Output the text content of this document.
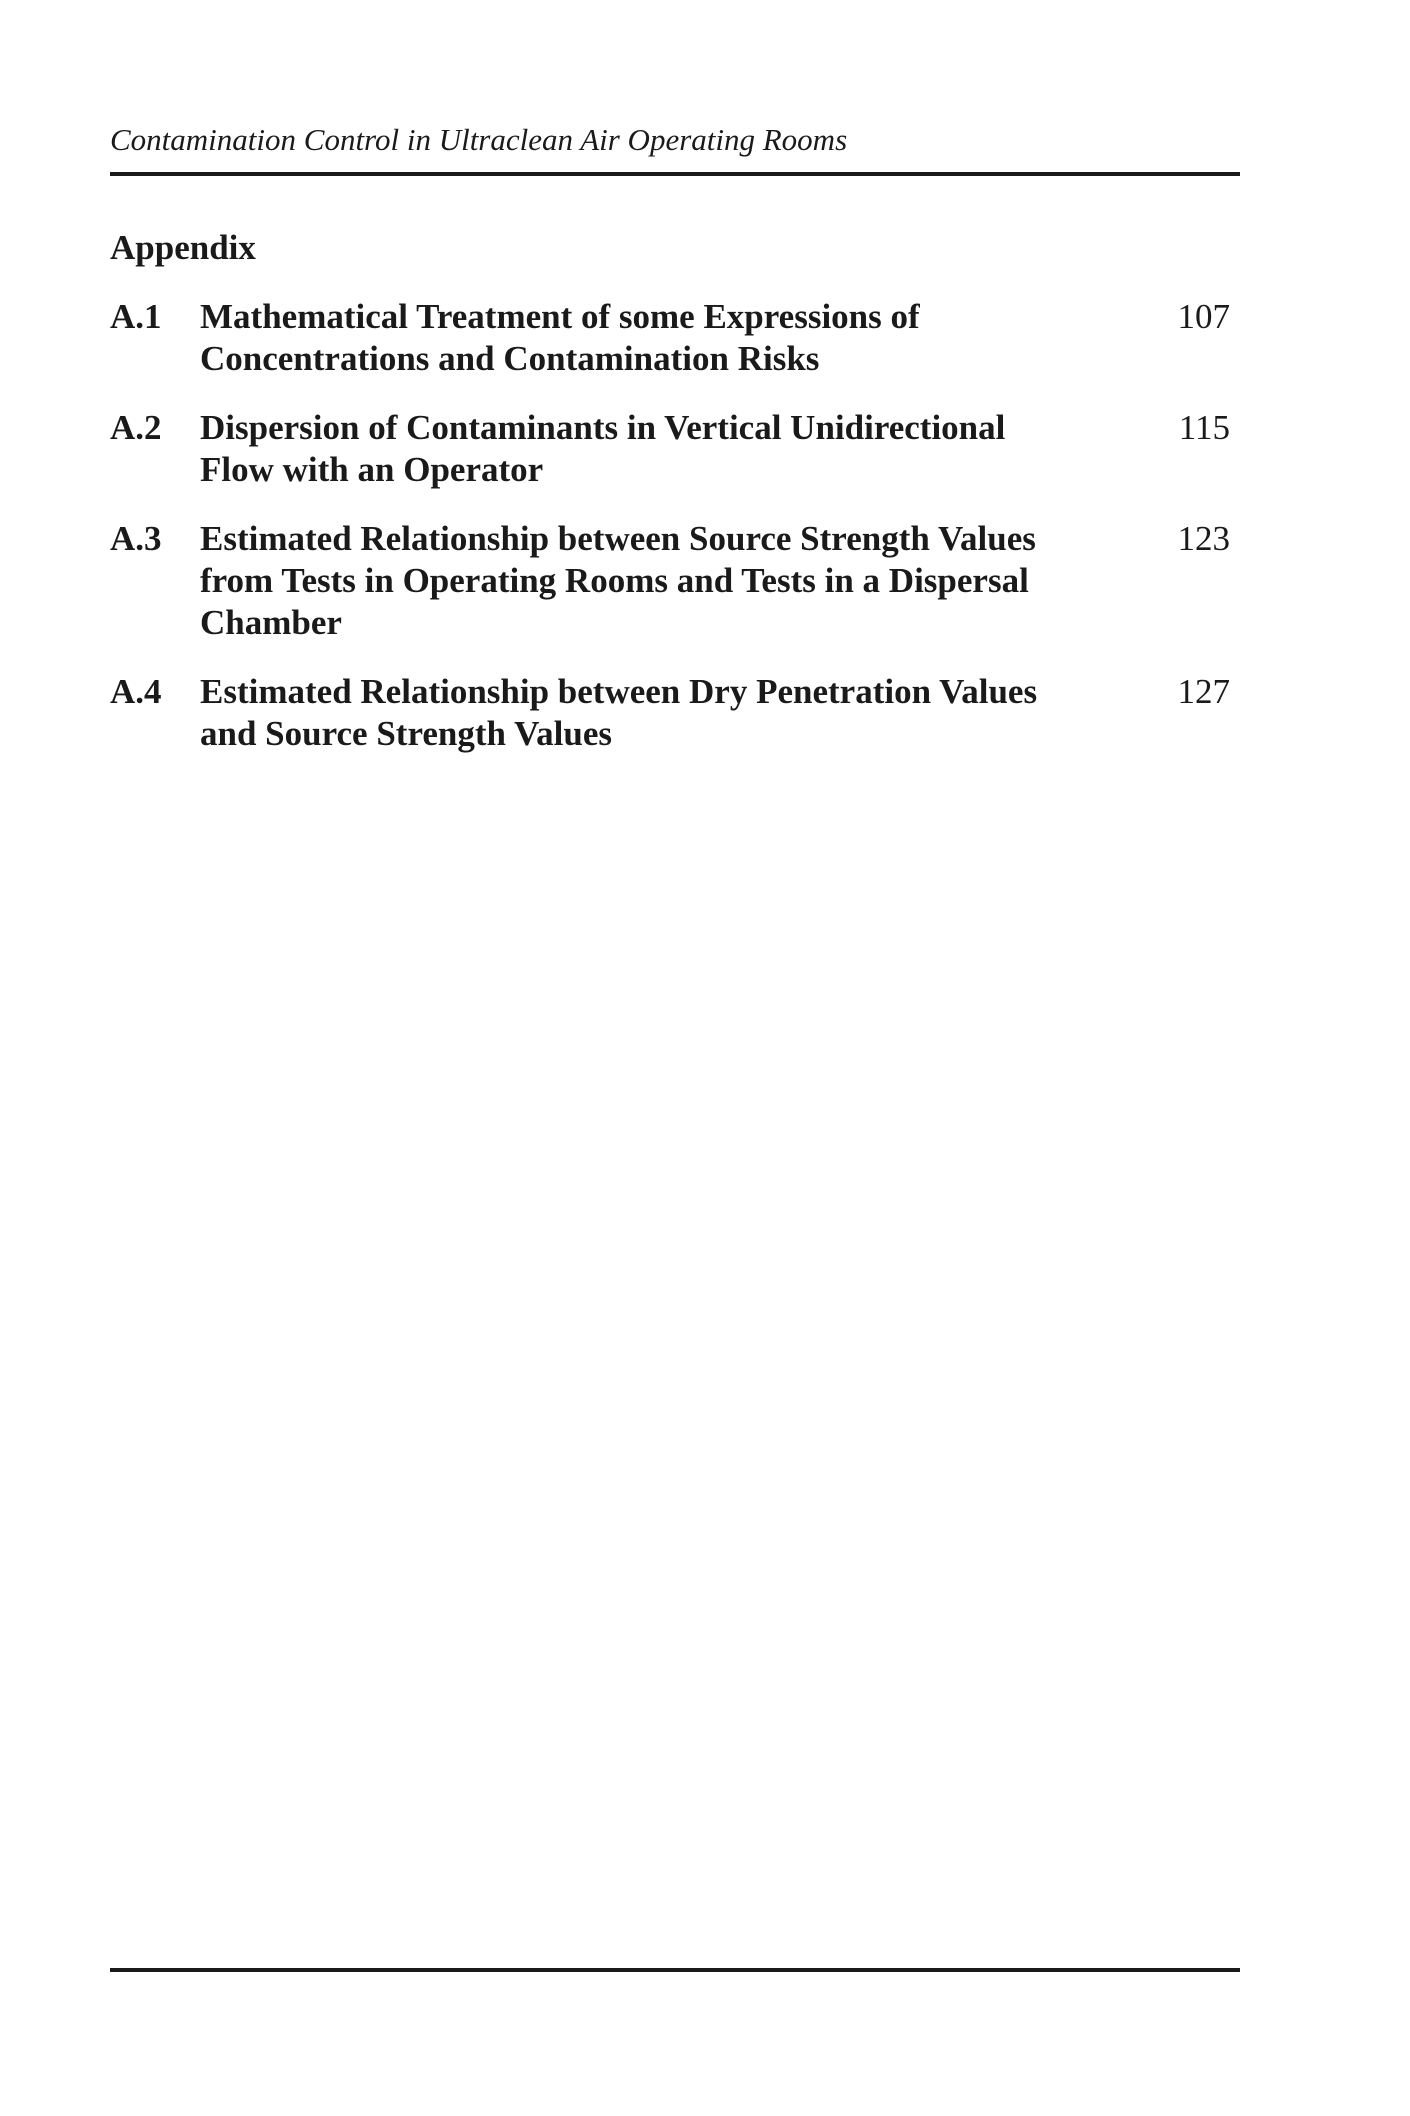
Contamination Control in Ultraclean Air Operating Rooms
Appendix
A.1	Mathematical Treatment of some Expressions of
Concentrations and Contamination Risks
107
A.2	Dispersion of Contaminants in Vertical Unidirectional
Flow with an Operator
115
A.3	Estimated Relationship between Source Strength Values
from Tests in Operating Rooms and Tests in a Dispersal
Chamber
123
A.4	Estimated Relationship between Dry Penetration Values
and Source Strength Values
127
